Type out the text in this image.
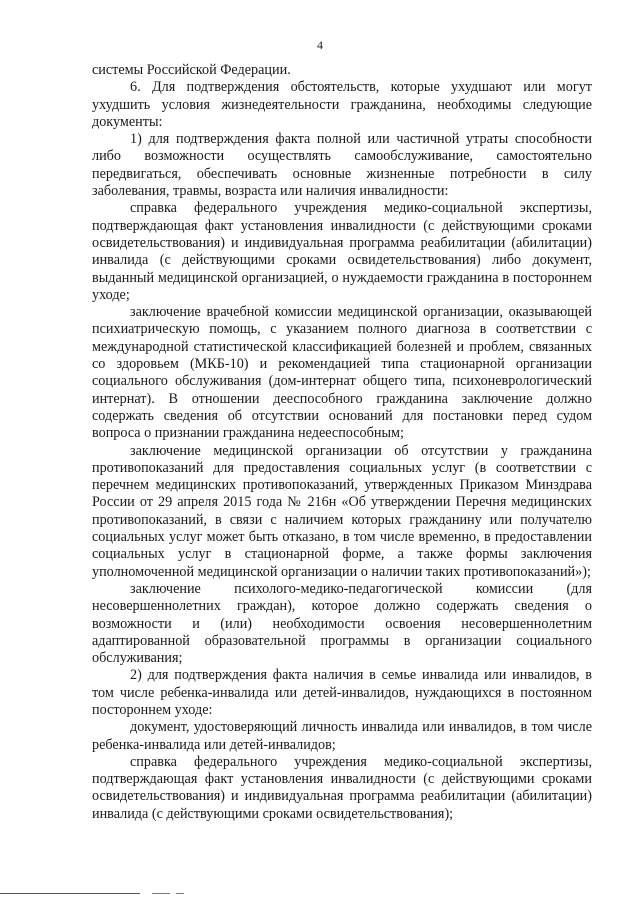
4

системы Российской Федерации.

6. Для подтверждения обстоятельств, которые ухудшают или могут ухудшить условия жизнедеятельности гражданина, необходимы следующие документы:

1) для подтверждения факта полной или частичной утраты способности либо возможности осуществлять самообслуживание, самостоятельно передвигаться, обеспечивать основные жизненные потребности в силу заболевания, травмы, возраста или наличия инвалидности:

справка федерального учреждения медико-социальной экспертизы, подтверждающая факт установления инвалидности (с действующими сроками освидетельствования) и индивидуальная программа реабилитации (абилитации) инвалида (с действующими сроками освидетельствования) либо документ, выданный медицинской организацией, о нуждаемости гражданина в постороннем уходе;

заключение врачебной комиссии медицинской организации, оказывающей психиатрическую помощь, с указанием полного диагноза в соответствии с международной статистической классификацией болезней и проблем, связанных со здоровьем (МКБ-10) и рекомендацией типа стационарной организации социального обслуживания (дом-интернат общего типа, психоневрологический интернат). В отношении дееспособного гражданина заключение должно содержать сведения об отсутствии оснований для постановки перед судом вопроса о признании гражданина недееспособным;

заключение медицинской организации об отсутствии у гражданина противопоказаний для предоставления социальных услуг (в соответствии с перечнем медицинских противопоказаний, утвержденных Приказом Минздрава России от 29 апреля 2015 года № 216н «Об утверждении Перечня медицинских противопоказаний, в связи с наличием которых гражданину или получателю социальных услуг может быть отказано, в том числе временно, в предоставлении социальных услуг в стационарной форме, а также формы заключения уполномоченной медицинской организации о наличии таких противопоказаний»);

заключение психолого-медико-педагогической комиссии (для несовершеннолетних граждан), которое должно содержать сведения о возможности и (или) необходимости освоения несовершеннолетним адаптированной образовательной программы в организации социального обслуживания;

2) для подтверждения факта наличия в семье инвалида или инвалидов, в том числе ребенка-инвалида или детей-инвалидов, нуждающихся в постоянном постороннем уходе:

документ, удостоверяющий личность инвалида или инвалидов, в том числе ребенка-инвалида или детей-инвалидов;

справка федерального учреждения медико-социальной экспертизы, подтверждающая факт установления инвалидности (с действующими сроками освидетельствования) и индивидуальная программа реабилитации (абилитации) инвалида (с действующими сроками освидетельствования);
